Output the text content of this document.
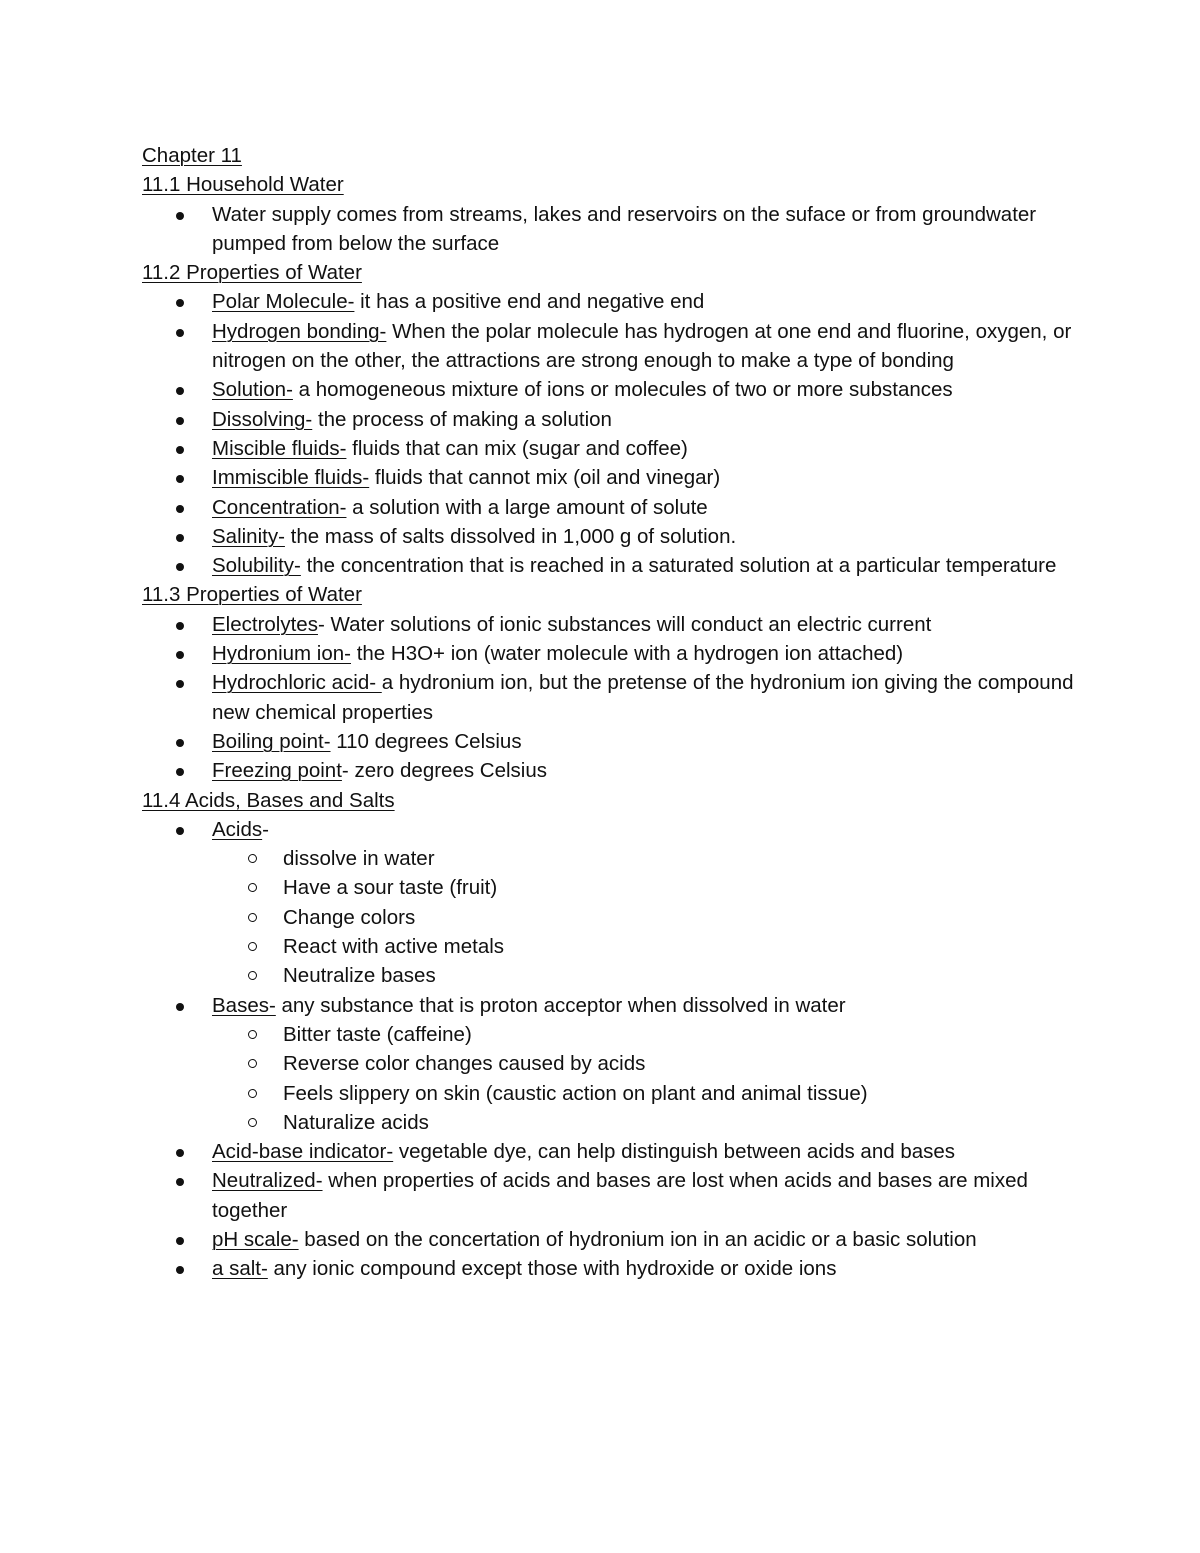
Chapter 11

11.1 Household Water

Water supply comes from streams, lakes and reservoirs on the suface or from groundwater pumped from below the surface

11.2 Properties of Water

Polar Molecule- it has a positive end and negative end
Hydrogen bonding- When the polar molecule has hydrogen at one end and fluorine, oxygen, or nitrogen on the other, the attractions are strong enough to make a type of bonding
Solution- a homogeneous mixture of ions or molecules of two or more substances
Dissolving- the process of making a solution
Miscible fluids- fluids that can mix (sugar and coffee)
Immiscible fluids- fluids that cannot mix (oil and vinegar)
Concentration- a solution with a large amount of solute
Salinity- the mass of salts dissolved in 1,000 g of solution.
Solubility- the concentration that is reached in a saturated solution at a particular temperature

11.3 Properties of Water

Electrolytes- Water solutions of ionic substances will conduct an electric current
Hydronium ion- the H3O+ ion (water molecule with a hydrogen ion attached)
Hydrochloric acid- a hydronium ion, but the pretense of the hydronium ion giving the compound new chemical properties
Boiling point- 110 degrees Celsius
Freezing point- zero degrees Celsius

11.4 Acids, Bases and Salts

Acids-
dissolve in water
Have a sour taste (fruit)
Change colors
React with active metals
Neutralize bases
Bases- any substance that is proton acceptor when dissolved in water
Bitter taste (caffeine)
Reverse color changes caused by acids
Feels slippery on skin (caustic action on plant and animal tissue)
Naturalize acids
Acid-base indicator- vegetable dye, can help distinguish between acids and bases
Neutralized- when properties of acids and bases are lost when acids and bases are mixed together
pH scale- based on the concertation of hydronium ion in an acidic or a basic solution
a salt- any ionic compound except those with hydroxide or oxide ions
